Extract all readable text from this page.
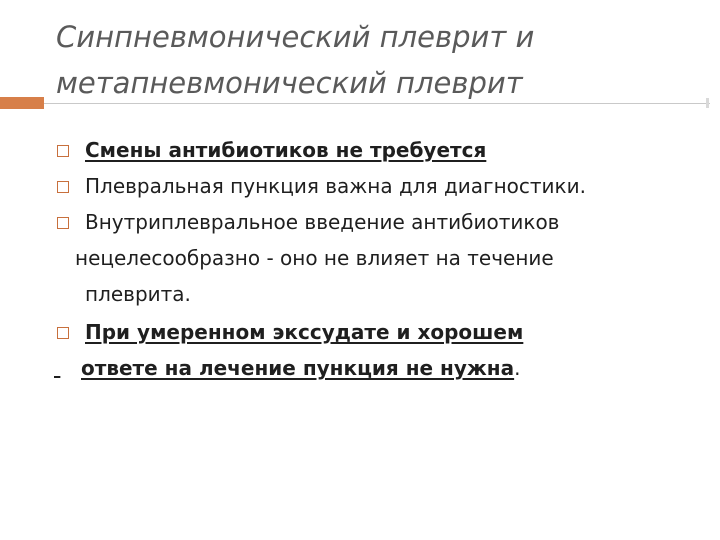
Синпневмонический плеврит и
метапневмонический плеврит
Смены антибиотиков не требуется
Плевральная пункция важна для диагностики.
Внутриплевральное введение антибиотиков
нецелесообразно - оно не влияет на течение
плеврита.
При умеренном экссудате и хорошем
ответе на лечение пункция не нужна.
